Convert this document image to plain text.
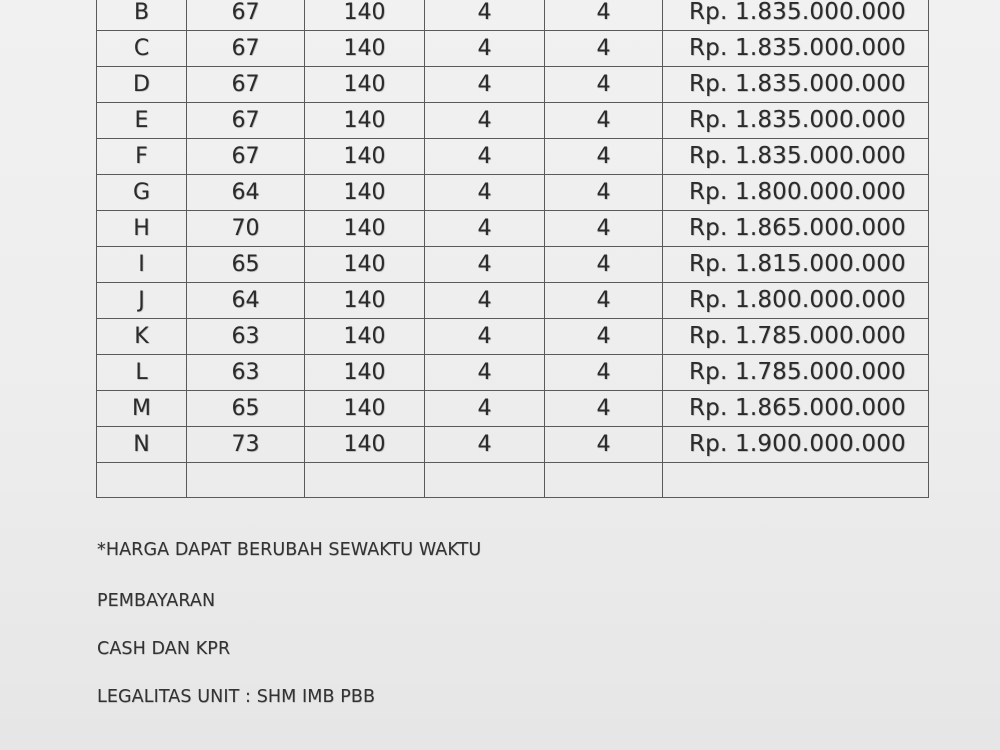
B	67	140	4	4	Rp. 1.835.000.000
C	67	140	4	4	Rp. 1.835.000.000
D	67	140	4	4	Rp. 1.835.000.000
E	67	140	4	4	Rp. 1.835.000.000
F	67	140	4	4	Rp. 1.835.000.000
G	64	140	4	4	Rp. 1.800.000.000
H	70	140	4	4	Rp. 1.865.000.000
I	65	140	4	4	Rp. 1.815.000.000
J	64	140	4	4	Rp. 1.800.000.000
K	63	140	4	4	Rp. 1.785.000.000
L	63	140	4	4	Rp. 1.785.000.000
M	65	140	4	4	Rp. 1.865.000.000
N	73	140	4	4	Rp. 1.900.000.000

*HARGA DAPAT BERUBAH SEWAKTU WAKTU
PEMBAYARAN
CASH DAN KPR
LEGALITAS UNIT : SHM IMB PBB
